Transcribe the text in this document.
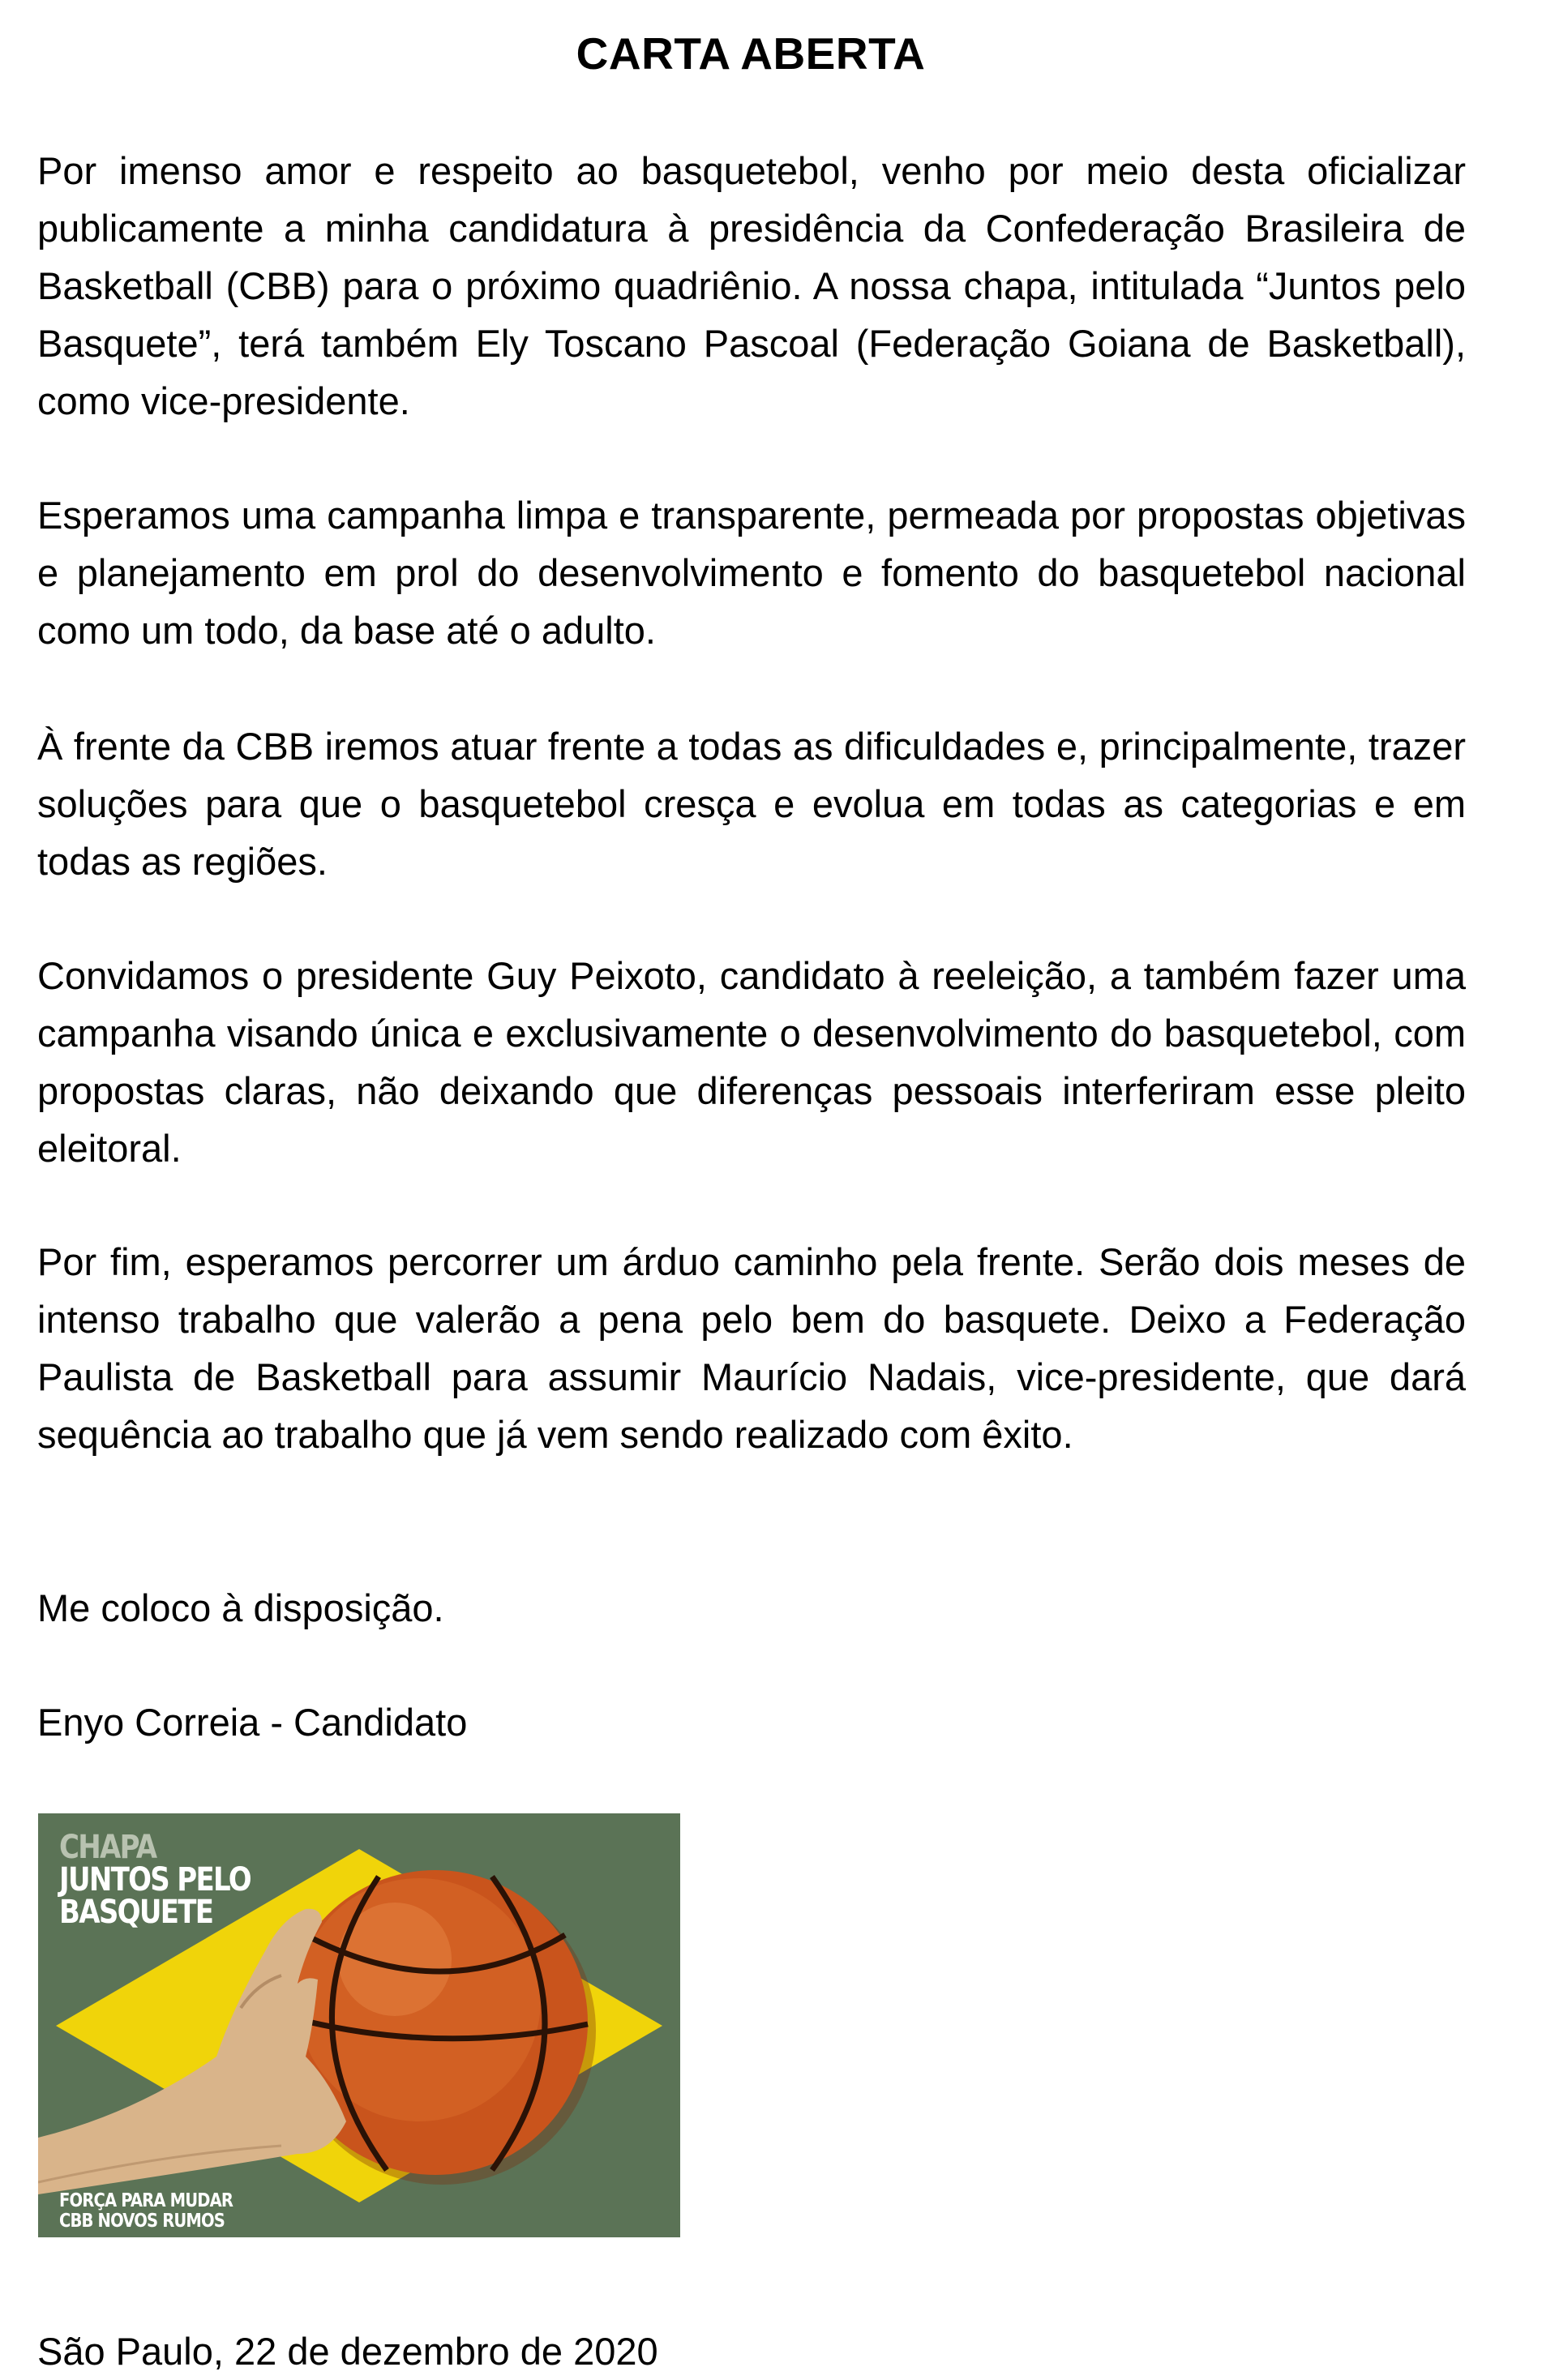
CARTA ABERTA

Por imenso amor e respeito ao basquetebol, venho por meio desta oficializar publicamente a minha candidatura à presidência da Confederação Brasileira de Basketball (CBB) para o próximo quadriênio. A nossa chapa, intitulada “Juntos pelo Basquete”, terá também Ely Toscano Pascoal (Federação Goiana de Basketball), como vice-presidente.

Esperamos uma campanha limpa e transparente, permeada por propostas objetivas e planejamento em prol do desenvolvimento e fomento do basquetebol nacional como um todo, da base até o adulto.

À frente da CBB iremos atuar frente a todas as dificuldades e, principalmente, trazer soluções para que o basquetebol cresça e evolua em todas as categorias e em todas as regiões.

Convidamos o presidente Guy Peixoto, candidato à reeleição, a também fazer uma campanha visando única e exclusivamente o desenvolvimento do basquetebol, com propostas claras, não deixando que diferenças pessoais interferiram esse pleito eleitoral.

Por fim, esperamos percorrer um árduo caminho pela frente. Serão dois meses de intenso trabalho que valerão a pena pelo bem do basquete. Deixo a Federação Paulista de Basketball para assumir Maurício Nadais, vice-presidente, que dará sequência ao trabalho que já vem sendo realizado com êxito.

Me coloco à disposição.

Enyo Correia - Candidato

CHAPA
JUNTOS PELO
BASQUETE
FORÇA PARA MUDAR
CBB NOVOS RUMOS

São Paulo, 22 de dezembro de 2020
